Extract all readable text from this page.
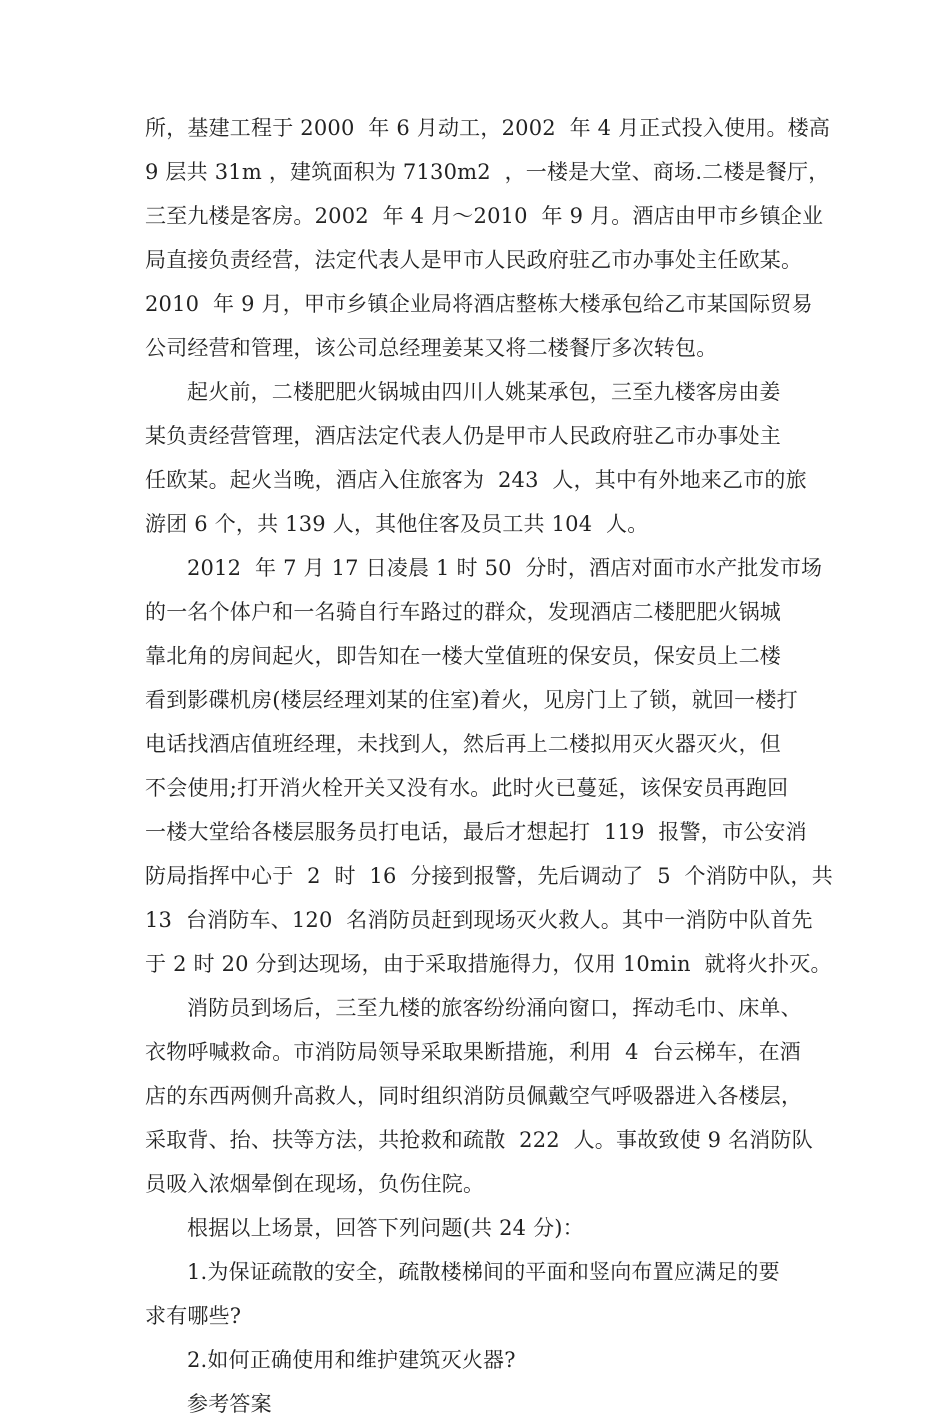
所，基建工程于 2000  年 6 月动工，2002  年 4 月正式投入使用。楼高
9 层共 31m ，建筑面积为 7130m2  ，一楼是大堂、商场.二楼是餐厅，
三至九楼是客房。2002  年 4 月～2010  年 9 月。酒店由甲市乡镇企业
局直接负责经营，法定代表人是甲市人民政府驻乙市办事处主任欧某。
2010  年 9 月，甲市乡镇企业局将酒店整栋大楼承包给乙市某国际贸易
公司经营和管理，该公司总经理姜某又将二楼餐厅多次转包。
起火前，二楼肥肥火锅城由四川人姚某承包，三至九楼客房由姜
某负责经营管理，酒店法定代表人仍是甲市人民政府驻乙市办事处主
任欧某。起火当晚，酒店入住旅客为  243  人，其中有外地来乙市的旅
游团 6 个，共 139 人，其他住客及员工共 104  人。
2012  年 7 月 17 日凌晨 1 时 50  分时，酒店对面市水产批发市场
的一名个体户和一名骑自行车路过的群众，发现酒店二楼肥肥火锅城
靠北角的房间起火，即告知在一楼大堂值班的保安员，保安员上二楼
看到影碟机房(楼层经理刘某的住室)着火，见房门上了锁，就回一楼打
电话找酒店值班经理，未找到人，然后再上二楼拟用灭火器灭火，但
不会使用;打开消火栓开关又没有水。此时火已蔓延，该保安员再跑回
一楼大堂给各楼层服务员打电话，最后才想起打  119  报警，市公安消
防局指挥中心于  2  时  16  分接到报警，先后调动了  5  个消防中队，共
13  台消防车、120  名消防员赶到现场灭火救人。其中一消防中队首先
于 2 时 20 分到达现场，由于采取措施得力，仅用 10min  就将火扑灭。
消防员到场后，三至九楼的旅客纷纷涌向窗口，挥动毛巾、床单、
衣物呼喊救命。市消防局领导采取果断措施，利用  4  台云梯车，在酒
店的东西两侧升高救人，同时组织消防员佩戴空气呼吸器进入各楼层，
采取背、抬、扶等方法，共抢救和疏散  222  人。事故致使 9 名消防队
员吸入浓烟晕倒在现场，负伤住院。
根据以上场景，回答下列问题(共 24 分)：
1.为保证疏散的安全，疏散楼梯间的平面和竖向布置应满足的要
求有哪些?
2.如何正确使用和维护建筑灭火器?
参考答案
